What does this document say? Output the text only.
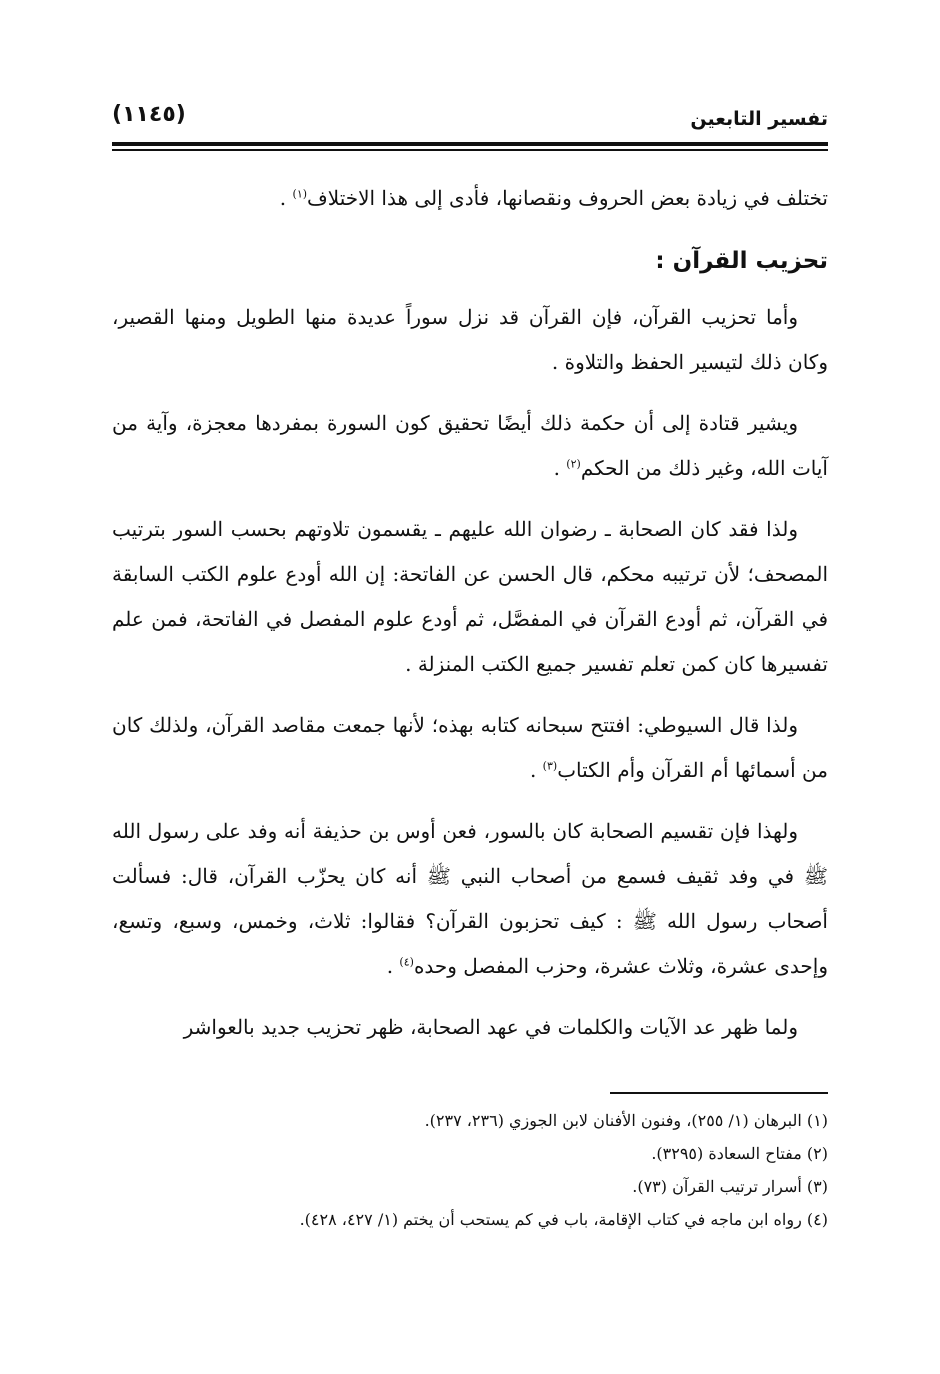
تفسير التابعين
(١١٤٥)

تختلف في زيادة بعض الحروف ونقصانها، فأدى إلى هذا الاختلاف$^{(١)}$ .

تحزيب القرآن :

وأما تحزيب القرآن، فإن القرآن قد نزل سوراً عديدة منها الطويل ومنها القصير، وكان ذلك لتيسير الحفظ والتلاوة .

ويشير قتادة إلى أن حكمة ذلك أيضًا تحقيق كون السورة بمفردها معجزة، وآية من آيات الله، وغير ذلك من الحكم$^{(٢)}$ .

ولذا فقد كان الصحابة ـ رضوان الله عليهم ـ يقسمون تلاوتهم بحسب السور بترتيب المصحف؛ لأن ترتيبه محكم، قال الحسن عن الفاتحة: إن الله أودع علوم الكتب السابقة في القرآن، ثم أودع القرآن في المفصَّل، ثم أودع علوم المفصل في الفاتحة، فمن علم تفسيرها كان كمن تعلم تفسير جميع الكتب المنزلة .

ولذا قال السيوطي: افتتح سبحانه كتابه بهذه؛ لأنها جمعت مقاصد القرآن، ولذلك كان من أسمائها أم القرآن وأم الكتاب$^{(٣)}$ .

ولهذا فإن تقسيم الصحابة كان بالسور، فعن أوس بن حذيفة أنه وفد على رسول الله ﷺ في وفد ثقيف فسمع من أصحاب النبي ﷺ أنه كان يحزّب القرآن، قال: فسألت أصحاب رسول الله ﷺ : كيف تحزبون القرآن؟ فقالوا: ثلاث، وخمس، وسبع، وتسع، وإحدى عشرة، وثلاث عشرة، وحزب المفصل وحده$^{(٤)}$ .

ولما ظهر عد الآيات والكلمات في عهد الصحابة، ظهر تحزيب جديد بالعواشر

(١) البرهان (١/ ٢٥٥)، وفنون الأفنان لابن الجوزي (٢٣٦، ٢٣٧).
(٢) مفتاح السعادة (٣٢٩٥).
(٣) أسرار ترتيب القرآن (٧٣).
(٤) رواه ابن ماجه في كتاب الإقامة، باب في كم يستحب أن يختم (١/ ٤٢٧، ٤٢٨).
